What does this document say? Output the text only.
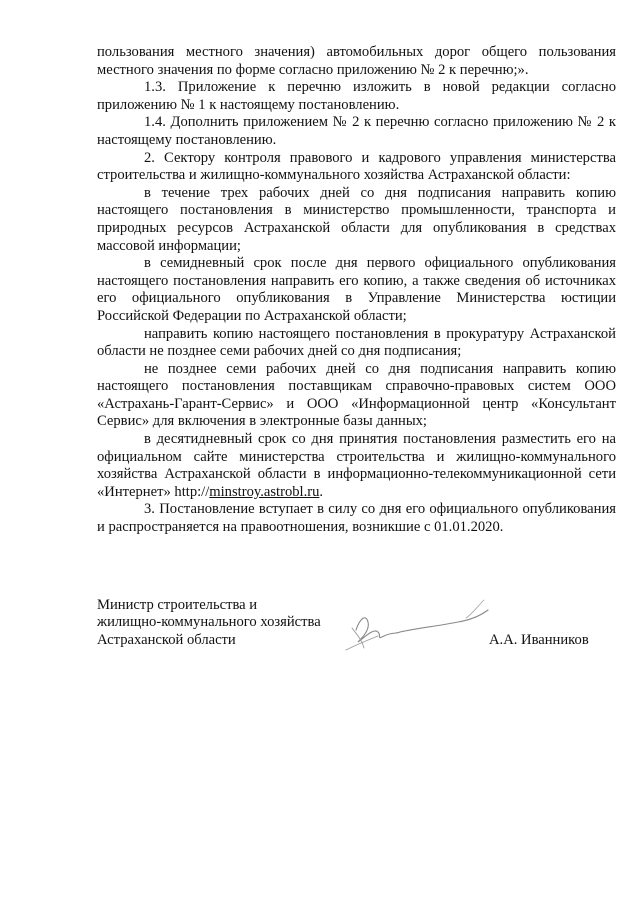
пользования местного значения) автомобильных дорог общего пользования местного значения по форме согласно приложению № 2 к перечню;».

1.3. Приложение к перечню изложить в новой редакции согласно приложению № 1 к настоящему постановлению.

1.4. Дополнить приложением № 2 к перечню согласно приложению № 2 к настоящему постановлению.

2. Сектору контроля правового и кадрового управления министерства строительства и жилищно-коммунального хозяйства Астраханской области:

в течение трех рабочих дней со дня подписания направить копию настоящего постановления в министерство промышленности, транспорта и природных ресурсов Астраханской области для опубликования в средствах массовой информации;

в семидневный срок после дня первого официального опубликования настоящего постановления направить его копию, а также сведения об источниках его официального опубликования в Управление Министерства юстиции Российской Федерации по Астраханской области;

направить копию настоящего постановления в прокуратуру Астраханской области не позднее семи рабочих дней со дня подписания;

не позднее семи рабочих дней со дня подписания направить копию настоящего постановления поставщикам справочно-правовых систем ООО «Астрахань-Гарант-Сервис» и ООО «Информационной центр «Консультант Сервис» для включения в электронные базы данных;

в десятидневный срок со дня принятия постановления разместить его на официальном сайте министерства строительства и жилищно-коммунального хозяйства Астраханской области в информационно-телекоммуникационной сети «Интернет» http://minstroy.astrobl.ru.

3. Постановление вступает в силу со дня его официального опубликования и распространяется на правоотношения, возникшие с 01.01.2020.

Министр строительства и
жилищно-коммунального хозяйства
Астраханской области	А.А. Иванников
